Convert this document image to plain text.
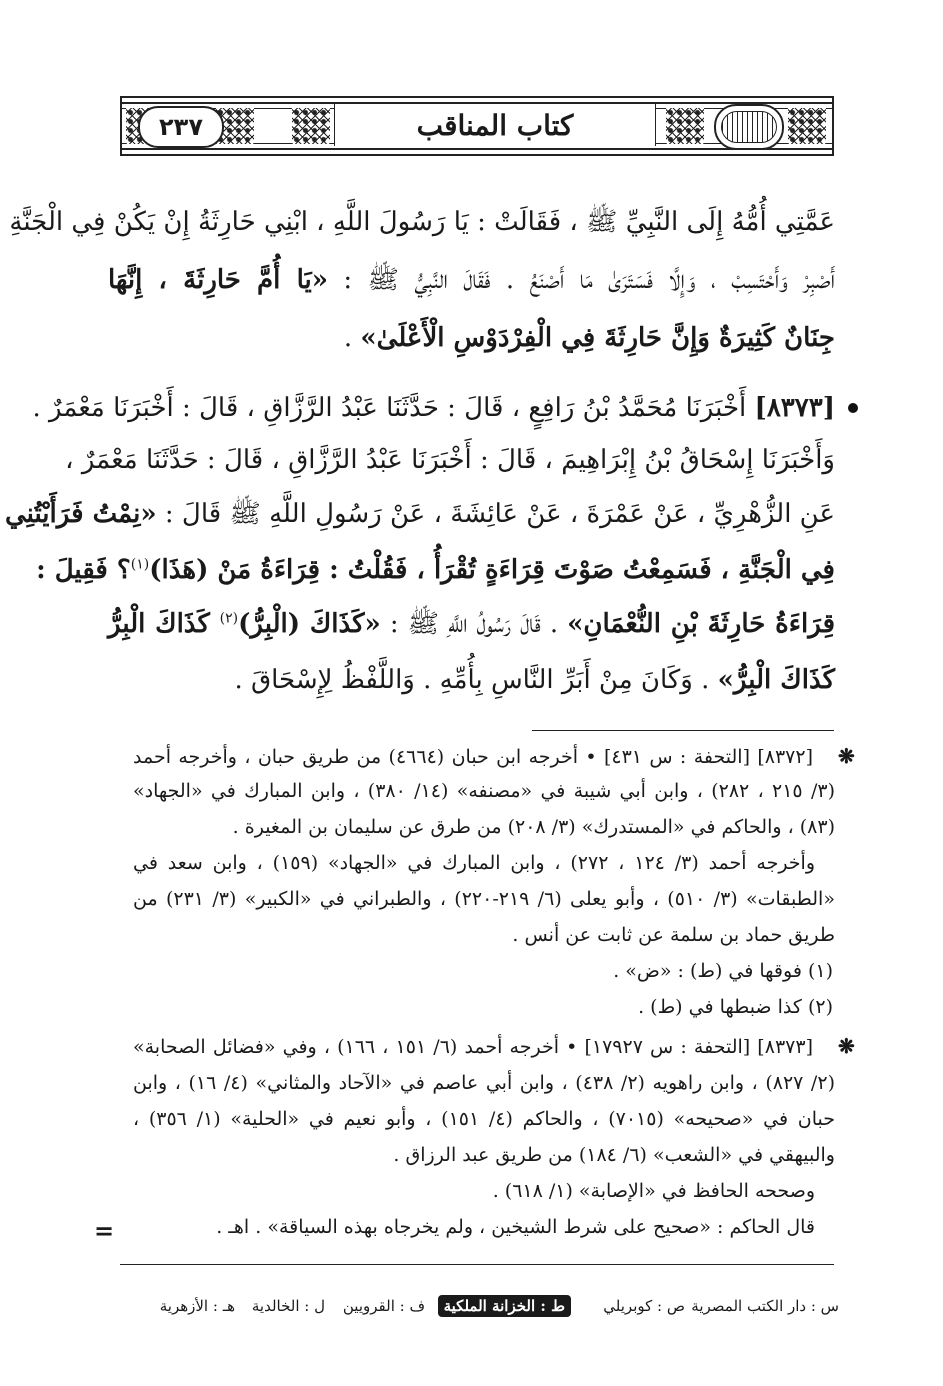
٢٣٧	كتاب المناقب
عَمَّتِي أُمُّهُ إِلَى النَّبِيِّ ﷺ ، فَقَالَتْ : يَا رَسُولَ اللَّهِ ، ابْنِي حَارِثَةُ إِنْ يَكُنْ فِي الْجَنَّةِ
أَصْبِرْ وَأَحْتَسِبْ ، وَإِلَّا فَسَتَرَىٰ مَا أَصْنَعُ . فَقَالَ النَّبِيُّ ﷺ : «يَا أُمَّ حَارِثَةَ ، إِنَّهَا
جِنَانٌ كَثِيرَةٌ وَإِنَّ حَارِثَةَ فِي الْفِرْدَوْسِ الْأَعْلَىٰ» .
[٨٣٧٣] أَخْبَرَنَا مُحَمَّدُ بْنُ رَافِعٍ ، قَالَ : حَدَّثَنَا عَبْدُ الرَّزَّاقِ ، قَالَ : أَخْبَرَنَا مَعْمَرٌ .
وَأَخْبَرَنَا إِسْحَاقُ بْنُ إِبْرَاهِيمَ ، قَالَ : أَخْبَرَنَا عَبْدُ الرَّزَّاقِ ، قَالَ : حَدَّثَنَا مَعْمَرٌ ،
عَنِ الزُّهْرِيِّ ، عَنْ عَمْرَةَ ، عَنْ عَائِشَةَ ، عَنْ رَسُولِ اللَّهِ ﷺ قَالَ : «نِمْتُ فَرَأَيْتُنِي
فِي الْجَنَّةِ ، فَسَمِعْتُ صَوْتَ قِرَاءَةٍ تُقْرَأُ ، فَقُلْتُ : قِرَاءَةُ مَنْ (هَذَا)$^{(١)}$؟ فَقِيلَ :
قِرَاءَةُ حَارِثَةَ بْنِ النُّعْمَانِ» . قَالَ رَسُولُ اللَّهِ ﷺ : «كَذَاكَ (الْبِرُّ)$^{(٢)}$ كَذَاكَ الْبِرُّ
كَذَاكَ الْبِرُّ» . وَكَانَ مِنْ أَبَرِّ النَّاسِ بِأُمِّهِ . وَاللَّفْظُ لِإِسْحَاقَ .
❋
[٨٣٧٢] [التحفة : س ٤٣١] • أخرجه ابن حبان (٤٦٦٤) من طريق حبان ، وأخرجه أحمد
(٣/ ٢١٥ ، ٢٨٢) ، وابن أبي شيبة في «مصنفه» (١٤/ ٣٨٠) ، وابن المبارك في «الجهاد»
(٨٣) ، والحاكم في «المستدرك» (٣/ ٢٠٨) من طرق عن سليمان بن المغيرة .
وأخرجه أحمد (٣/ ١٢٤ ، ٢٧٢) ، وابن المبارك في «الجهاد» (١٥٩) ، وابن سعد في
«الطبقات» (٣/ ٥١٠) ، وأبو يعلى (٦/ ٢١٩-٢٢٠) ، والطبراني في «الكبير» (٣/ ٢٣١) من
طريق حماد بن سلمة عن ثابت عن أنس .
(١) فوقها في (ط) : «ض» .
(٢) كذا ضبطها في (ط) .
❋
[٨٣٧٣] [التحفة : س ١٧٩٢٧] • أخرجه أحمد (٦/ ١٥١ ، ١٦٦) ، وفي «فضائل الصحابة»
(٢/ ٨٢٧) ، وابن راهويه (٢/ ٤٣٨) ، وابن أبي عاصم في «الآحاد والمثاني» (٤/ ١٦) ، وابن
حبان في «صحيحه» (٧٠١٥) ، والحاكم (٤/ ١٥١) ، وأبو نعيم في «الحلية» (١/ ٣٥٦) ،
والبيهقي في «الشعب» (٦/ ١٨٤) من طريق عبد الرزاق .
وصححه الحافظ في «الإصابة» (١/ ٦١٨) .
قال الحاكم : «صحيح على شرط الشيخين ، ولم يخرجاه بهذه السياقة» . اهـ .
=
س : دار الكتب المصرية
ص : كوبريلي
ط : الخزانة الملكية
ف : القرويين
ل : الخالدية
هـ : الأزهرية
